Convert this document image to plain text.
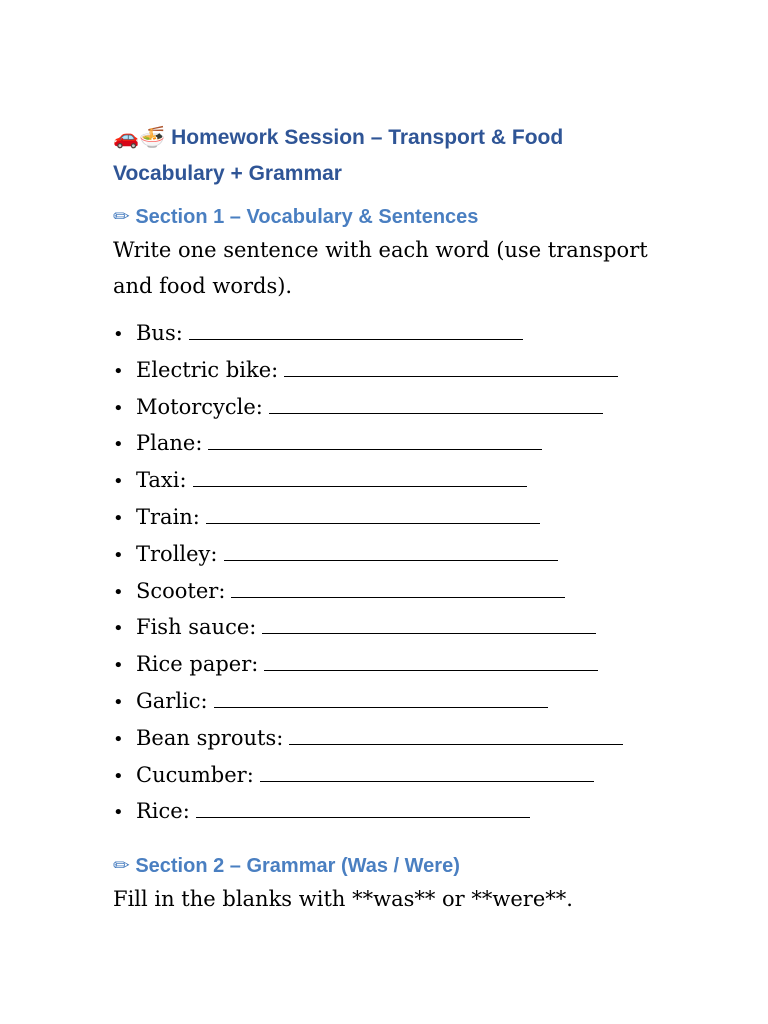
🚗🍜 Homework Session – Transport & Food
Vocabulary + Grammar
✏ Section 1 – Vocabulary & Sentences

Write one sentence with each word (use transport and food words).

• Bus:
• Electric bike:
• Motorcycle:
• Plane:
• Taxi:
• Train:
• Trolley:
• Scooter:
• Fish sauce:
• Rice paper:
• Garlic:
• Bean sprouts:
• Cucumber:
• Rice:
✏ Section 2 – Grammar (Was / Were)

Fill in the blanks with **was** or **were**.
